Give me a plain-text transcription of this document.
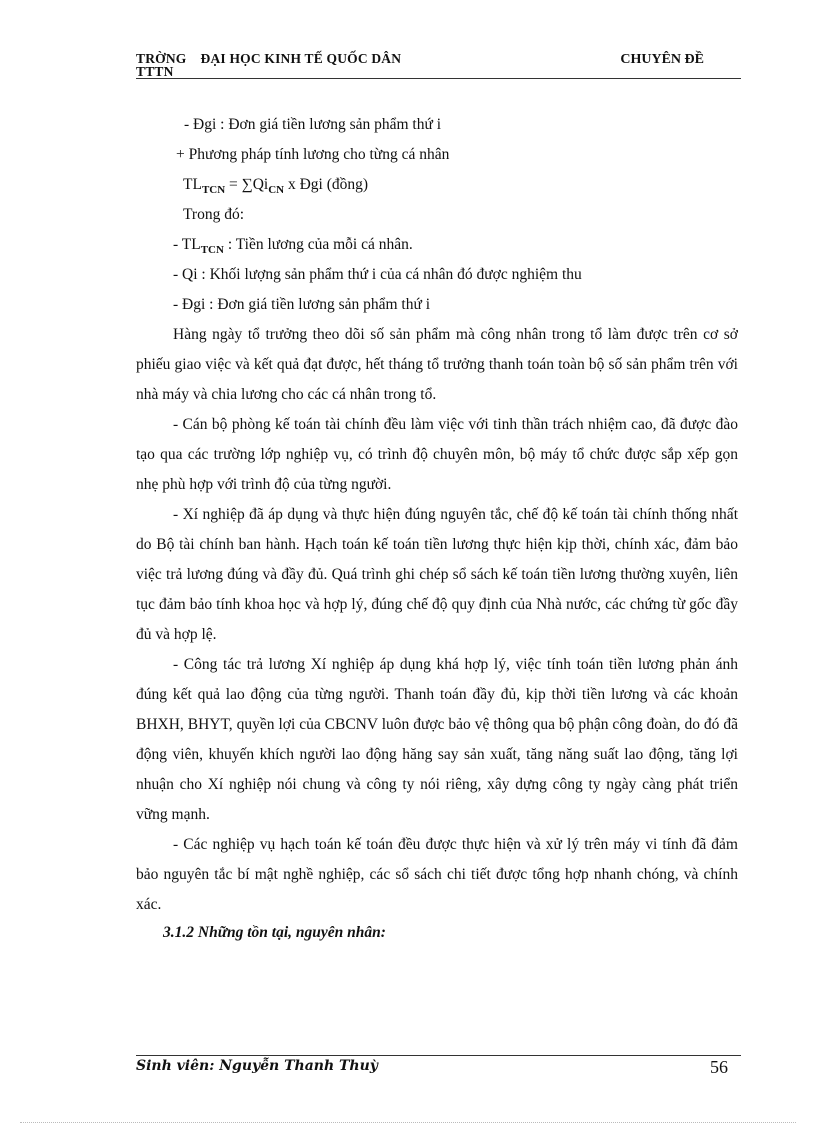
TRỜNG ĐẠI HỌC KINH TẾ QUỐC DÂN
TTTN
CHUYÊN ĐỀ
- Đgi : Đơn giá tiền lương sản phẩm thứ i
+ Phương pháp tính lương cho từng cá nhân
$TL_{TCN} = \sum Qi_{CN}$ x Đgi (đồng)
Trong đó:
- $TL_{TCN}$ : Tiền lương của mỗi cá nhân.
- Qi : Khối lượng sản phẩm thứ i của cá nhân đó được nghiệm thu
- Đgi : Đơn giá tiền lương sản phẩm thứ i

Hàng ngày tổ trưởng theo dõi số sản phẩm mà công nhân trong tổ làm được trên cơ sở phiếu giao việc và kết quả đạt được, hết tháng tổ trưởng thanh toán toàn bộ số sản phẩm trên với nhà máy và chia lương cho các cá nhân trong tổ.

- Cán bộ phòng kế toán tài chính đều làm việc với tinh thần trách nhiệm cao, đã được đào tạo qua các trường lớp nghiệp vụ, có trình độ chuyên môn, bộ máy tổ chức được sắp xếp gọn nhẹ phù hợp với trình độ của từng người.

- Xí nghiệp đã áp dụng và thực hiện đúng nguyên tắc, chế độ kế toán tài chính thống nhất do Bộ tài chính ban hành. Hạch toán kế toán tiền lương thực hiện kịp thời, chính xác, đảm bảo việc trả lương đúng và đầy đủ. Quá trình ghi chép sổ sách kế toán tiền lương thường xuyên, liên tục đảm bảo tính khoa học và hợp lý, đúng chế độ quy định của Nhà nước, các chứng từ gốc đầy đủ và hợp lệ.

- Công tác trả lương Xí nghiệp áp dụng khá hợp lý, việc tính toán tiền lương phản ánh đúng kết quả lao động của từng người. Thanh toán đầy đủ, kịp thời tiền lương và các khoản BHXH, BHYT, quyền lợi của CBCNV luôn được bảo vệ thông qua bộ phận công đoàn, do đó đã động viên, khuyến khích người lao động hăng say sản xuất, tăng năng suất lao động, tăng lợi nhuận cho Xí nghiệp nói chung và công ty nói riêng, xây dựng công ty ngày càng phát triển vững mạnh.

- Các nghiệp vụ hạch toán kế toán đều được thực hiện và xử lý trên máy vi tính đã đảm bảo nguyên tắc bí mật nghề nghiệp, các sổ sách chi tiết được tổng hợp nhanh chóng, và chính xác.

3.1.2 Những tồn tại, nguyên nhân:
Sinh viên: Nguyễn Thanh Thuỳ	56
